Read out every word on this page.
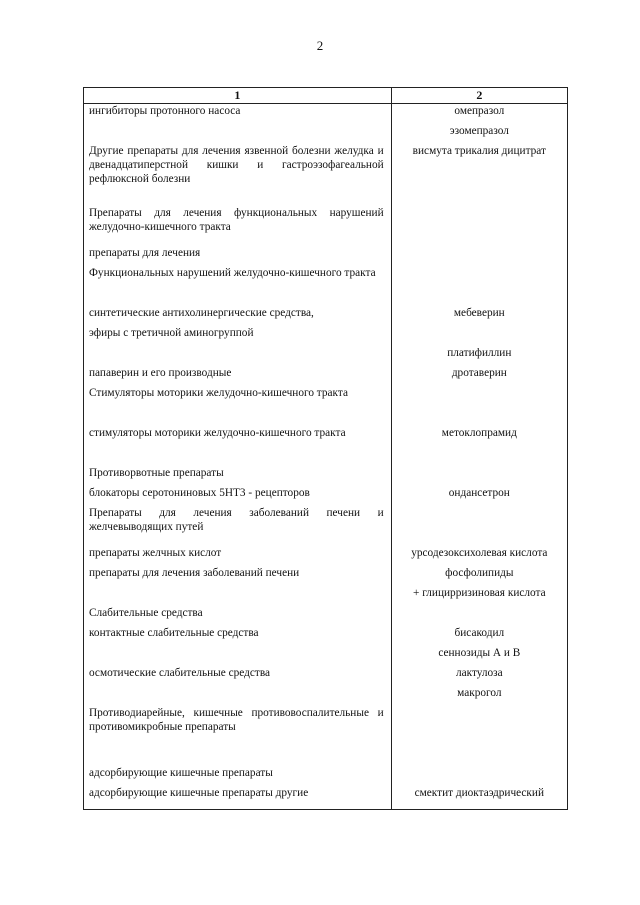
2
1	2
ингибиторы протонного насоса	омепразол
	эзомепразол
Другие препараты для лечения язвенной болезни желудка и двенадцатиперстной кишки и гастроэзофагеальной рефлюксной болезни	висмута трикалия дицитрат
Препараты для лечения функциональных нарушений желудочно-кишечного тракта	
препараты для лечения	
Функциональных нарушений желудочно-кишечного тракта	
синтетические антихолинергические средства,	мебеверин
эфиры с третичной аминогруппой	
	платифиллин
папаверин и его производные	дротаверин
Стимуляторы моторики желудочно-кишечного тракта	
стимуляторы моторики желудочно-кишечного тракта	метоклопрамид
Противорвотные препараты	
блокаторы серотониновых 5HT3 - рецепторов	ондансетрон
Препараты для лечения заболеваний печени и желчевыводящих путей	
препараты желчных кислот	урсодезоксихолевая кислота
препараты для лечения заболеваний печени	фосфолипиды
	+ глицирризиновая кислота
Слабительные средства	
контактные слабительные средства	бисакодил
	сеннозиды А и В
осмотические слабительные средства	лактулоза
	макрогол
Противодиарейные, кишечные противовоспалительные и противомикробные препараты	
адсорбирующие кишечные препараты	
адсорбирующие кишечные препараты другие	смектит диоктаэдрический
